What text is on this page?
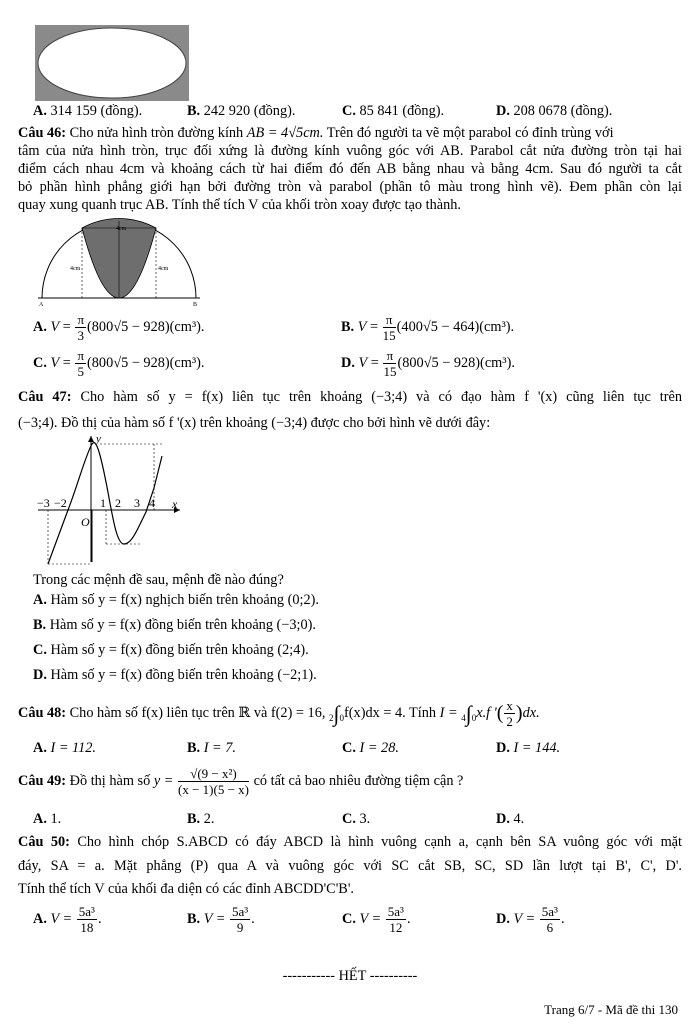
A. 314 159 (đồng).	B. 242 920 (đồng).	C. 85 841 (đồng).	D. 208 0678 (đồng).
Câu 46: Cho nửa hình tròn đường kính AB = 4√5cm. Trên đó người ta vẽ một parabol có đỉnh trùng với
tâm của nửa hình tròn, trục đối xứng là đường kính vuông góc với AB. Parabol cắt nửa đường tròn tại hai
điểm cách nhau 4cm và khoảng cách từ hai điểm đó đến AB bằng nhau và bằng 4cm. Sau đó người ta cắt
bỏ phần hình phẳng giới hạn bởi đường tròn và parabol (phần tô màu trong hình vẽ). Đem phần còn lại
quay xung quanh trục AB. Tính thể tích V của khối tròn xoay được tạo thành.
4cm
4cm	4cm
A	B
A. $V = \frac{\pi}{3} (800√5 - 928)(cm^3)$.	B. $V = \frac{\pi}{15} (400√5 - 464)(cm^3)$.
C. $V = \frac{\pi}{5} (800√5 - 928)(cm^3)$.	D. $V = \frac{\pi}{15} (800√5 - 928)(cm^3)$.
Câu 47: Cho hàm số y = f(x) liên tục trên khoảng (−3;4) và có đạo hàm f '(x) cũng liên tục trên
(−3;4). Đồ thị của hàm số f '(x) trên khoảng (−3;4) được cho bởi hình vẽ dưới đây:
y
x
O
−3 −2	1 2 3 4
Trong các mệnh đề sau, mệnh đề nào đúng?
A. Hàm số y = f(x) nghịch biến trên khoảng (0;2).
B. Hàm số y = f(x) đồng biến trên khoảng (−3;0).
C. Hàm số y = f(x) đồng biến trên khoảng (2;4).
D. Hàm số y = f(x) đồng biến trên khoảng (−2;1).
Câu 48: Cho hàm số f(x) liên tục trên ℝ và f(2) = 16, 2∫0f(x)dx = 4. Tính I = 4∫0x.f '( $\frac{x}{2} )dx$.
A. I = 112.	B. I = 7.	C. I = 28.	D. I = 144.
Câu 49: Đồ thị hàm số $y = \frac{\text{√(9 − x²)}}{(x - 1)(5 - x)}$ có tất cả bao nhiêu đường tiệm cận ?
A. 1.	B. 2.	C. 3.	D. 4.
Câu 50: Cho hình chóp S.ABCD có đáy ABCD là hình vuông cạnh a, cạnh bên SA vuông góc với mặt
đáy, SA = a. Mặt phẳng (P) qua A và vuông góc với SC cắt SB, SC, SD lần lượt tại B', C', D'.
Tính thể tích V của khối đa diện có các đỉnh ABCDD'C'B'.
A. $V = \frac{\text{5a³}}{18}$ .	B. $V = \frac{\text{5a³}}{9}$ .	C. $V = \frac{\text{5a³}}{12}$ .	D. $V = \frac{\text{5a³}}{6}$ .
----------- HẾT ----------
Trang 6/7 - Mã đề thi 130
